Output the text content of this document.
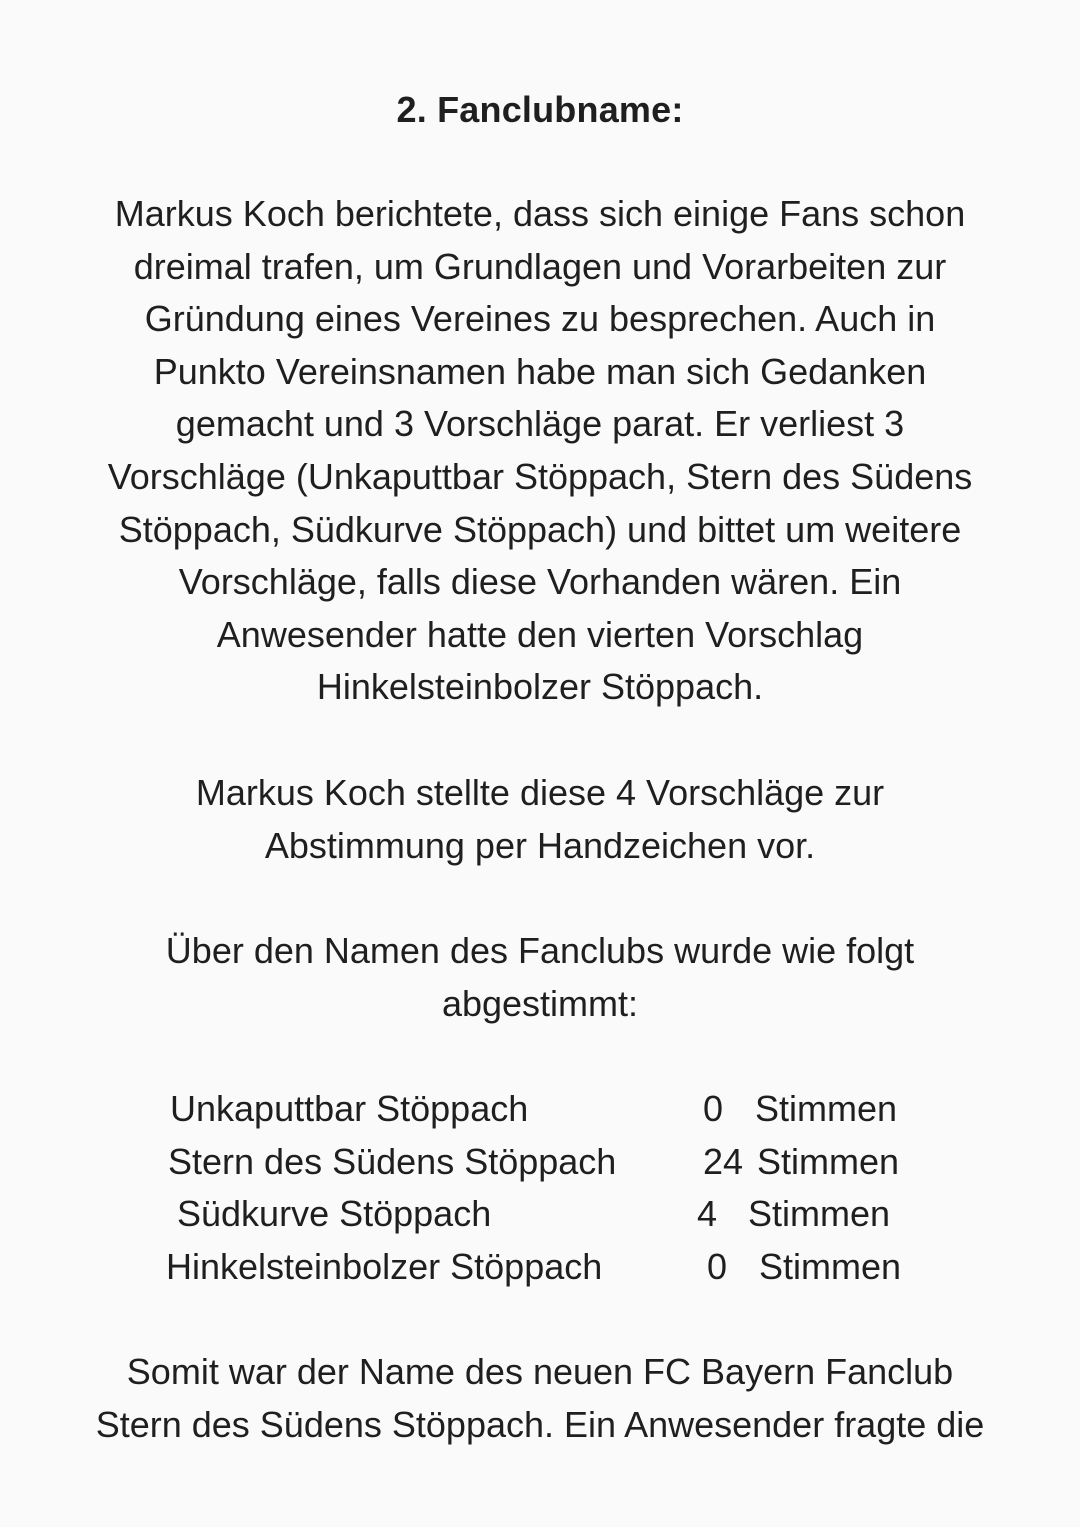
2. Fanclubname:
Markus Koch berichtete, dass sich einige Fans schon
dreimal trafen, um Grundlagen und Vorarbeiten zur
Gründung eines Vereines zu besprechen. Auch in
Punkto Vereinsnamen habe man sich Gedanken
gemacht und 3 Vorschläge parat. Er verliest 3
Vorschläge (Unkaputtbar Stöppach, Stern des Südens
Stöppach, Südkurve Stöppach) und bittet um weitere
Vorschläge, falls diese Vorhanden wären. Ein
Anwesender hatte den vierten Vorschlag
Hinkelsteinbolzer Stöppach.
Markus Koch stellte diese 4 Vorschläge zur
Abstimmung per Handzeichen vor.
Über den Namen des Fanclubs wurde wie folgt
abgestimmt:
Unkaputtbar Stöppach	0 Stimmen
Stern des Südens Stöppach 24 Stimmen
Südkurve Stöppach	4 Stimmen
Hinkelsteinbolzer Stöppach	0 Stimmen
Somit war der Name des neuen FC Bayern Fanclub
Stern des Südens Stöppach. Ein Anwesender fragte die
